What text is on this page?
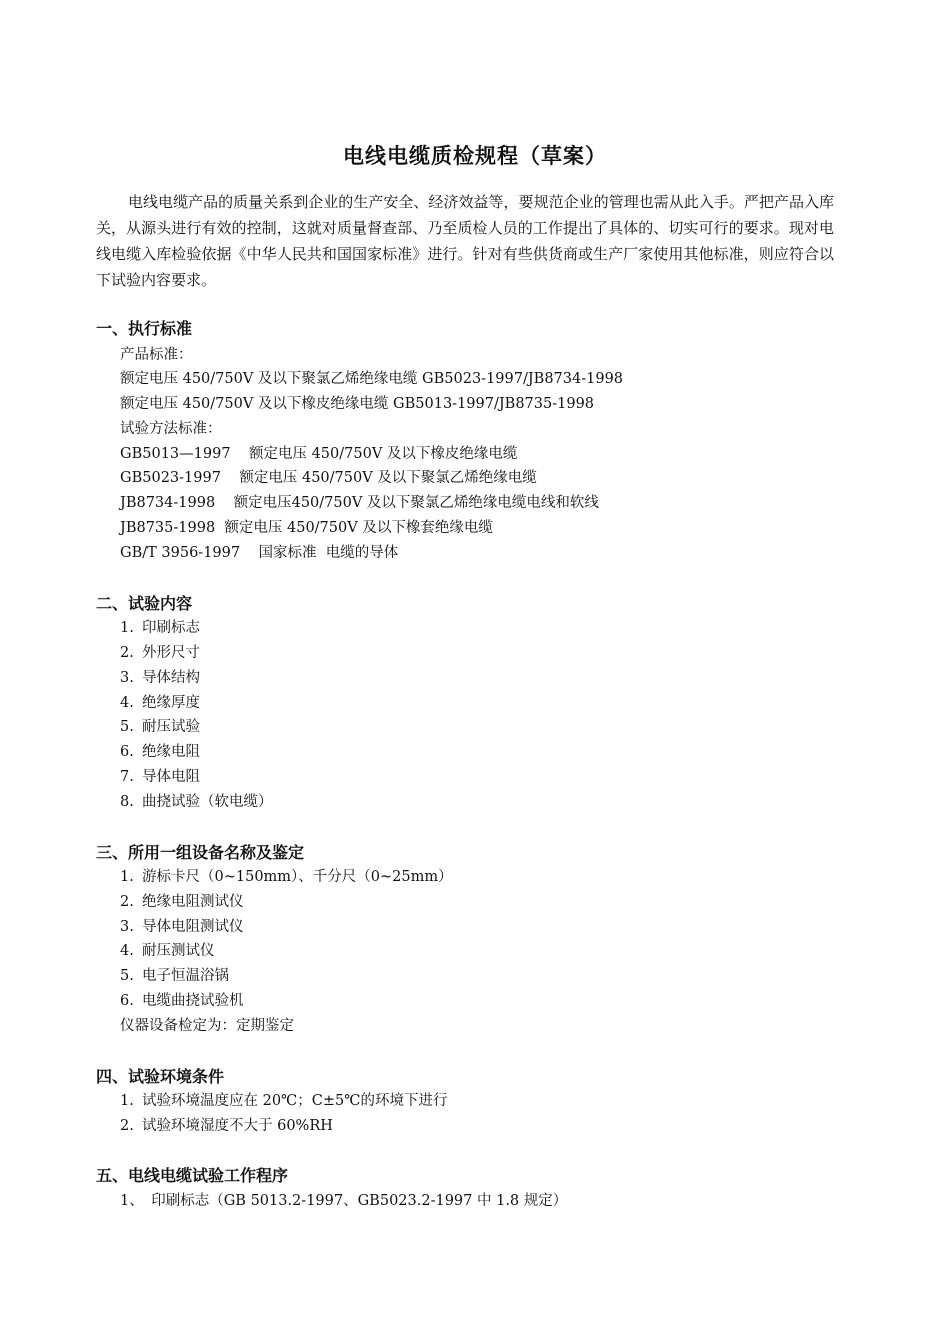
电线电缆质检规程（草案）

电线电缆产品的质量关系到企业的生产安全、经济效益等，要规范企业的管理也需从此入手。严把产品入库关，从源头进行有效的控制，这就对质量督查部、乃至质检人员的工作提出了具体的、切实可行的要求。现对电线电缆入库检验依据《中华人民共和国国家标准》进行。针对有些供货商或生产厂家使用其他标准，则应符合以下试验内容要求。

一、执行标准
产品标准：
额定电压 450/750V 及以下聚氯乙烯绝缘电缆 GB5023-1997/JB8734-1998
额定电压 450/750V 及以下橡皮绝缘电缆 GB5013-1997/JB8735-1998
试验方法标准：
GB5013—1997    额定电压 450/750V 及以下橡皮绝缘电缆
GB5023-1997    额定电压 450/750V 及以下聚氯乙烯绝缘电缆
JB8734-1998    额定电压450/750V 及以下聚氯乙烯绝缘电缆电线和软线
JB8735-1998  额定电压 450/750V 及以下橡套绝缘电缆
GB/T 3956-1997    国家标准  电缆的导体
二、试验内容
1. 印刷标志
2. 外形尺寸
3. 导体结构
4. 绝缘厚度
5. 耐压试验
6. 绝缘电阻
7. 导体电阻
8. 曲挠试验（软电缆）
三、所用一组设备名称及鉴定
1. 游标卡尺（0~150mm）、千分尺（0~25mm）
2. 绝缘电阻测试仪
3. 导体电阻测试仪
4. 耐压测试仪
5. 电子恒温浴锅
6. 电缆曲挠试验机
仪器设备检定为：定期鉴定
四、试验环境条件
1. 试验环境温度应在 20℃；C±5℃的环境下进行
2. 试验环境湿度不大于 60%RH
五、电线电缆试验工作程序
1、  印刷标志（GB 5013.2-1997、GB5023.2-1997 中 1.8 规定）
